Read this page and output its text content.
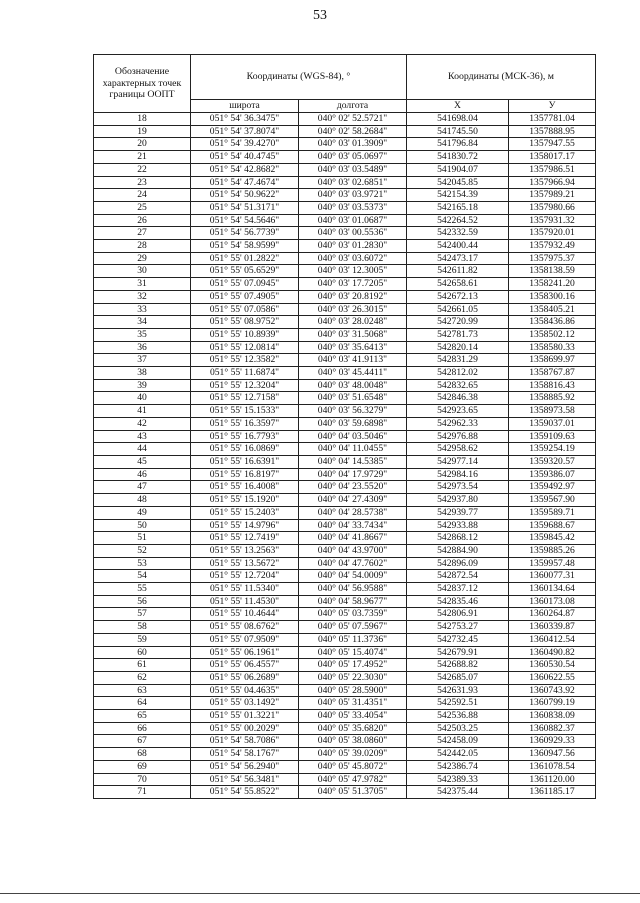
53
Обозначение
характерных точек
границы ООПТ	Координаты (WGS-84), °		Координаты (МСК-36), м	
	широта	долгота	X	У
18	051° 54' 36.3475"	040° 02' 52.5721"	541698.04	1357781.04
19	051° 54' 37.8074"	040° 02' 58.2684"	541745.50	1357888.95
20	051° 54' 39.4270"	040° 03' 01.3909"	541796.84	1357947.55
21	051° 54' 40.4745"	040° 03' 05.0697"	541830.72	1358017.17
22	051° 54' 42.8682"	040° 03' 03.5489"	541904.07	1357986.51
23	051° 54' 47.4674"	040° 03' 02.6851"	542045.85	1357966.94
24	051° 54' 50.9622"	040° 03' 03.9721"	542154.39	1357989.21
25	051° 54' 51.3171"	040° 03' 03.5373"	542165.18	1357980.66
26	051° 54' 54.5646"	040° 03' 01.0687"	542264.52	1357931.32
27	051° 54' 56.7739"	040° 03' 00.5536"	542332.59	1357920.01
28	051° 54' 58.9599"	040° 03' 01.2830"	542400.44	1357932.49
29	051° 55' 01.2822"	040° 03' 03.6072"	542473.17	1357975.37
30	051° 55' 05.6529"	040° 03' 12.3005"	542611.82	1358138.59
31	051° 55' 07.0945"	040° 03' 17.7205"	542658.61	1358241.20
32	051° 55' 07.4905"	040° 03' 20.8192"	542672.13	1358300.16
33	051° 55' 07.0586"	040° 03' 26.3015"	542661.05	1358405.21
34	051° 55' 08.9752"	040° 03' 28.0248"	542720.99	1358436.86
35	051° 55' 10.8939"	040° 03' 31.5068"	542781.73	1358502.12
36	051° 55' 12.0814"	040° 03' 35.6413"	542820.14	1358580.33
37	051° 55' 12.3582"	040° 03' 41.9113"	542831.29	1358699.97
38	051° 55' 11.6874"	040° 03' 45.4411"	542812.02	1358767.87
39	051° 55' 12.3204"	040° 03' 48.0048"	542832.65	1358816.43
40	051° 55' 12.7158"	040° 03' 51.6548"	542846.38	1358885.92
41	051° 55' 15.1533"	040° 03' 56.3279"	542923.65	1358973.58
42	051° 55' 16.3597"	040° 03' 59.6898"	542962.33	1359037.01
43	051° 55' 16.7793"	040° 04' 03.5046"	542976.88	1359109.63
44	051° 55' 16.0869"	040° 04' 11.0455"	542958.62	1359254.19
45	051° 55' 16.6391"	040° 04' 14.5385"	542977.14	1359320.57
46	051° 55' 16.8197"	040° 04' 17.9729"	542984.16	1359386.07
47	051° 55' 16.4008"	040° 04' 23.5520"	542973.54	1359492.97
48	051° 55' 15.1920"	040° 04' 27.4309"	542937.80	1359567.90
49	051° 55' 15.2403"	040° 04' 28.5738"	542939.77	1359589.71
50	051° 55' 14.9796"	040° 04' 33.7434"	542933.88	1359688.67
51	051° 55' 12.7419"	040° 04' 41.8667"	542868.12	1359845.42
52	051° 55' 13.2563"	040° 04' 43.9700"	542884.90	1359885.26
53	051° 55' 13.5672"	040° 04' 47.7602"	542896.09	1359957.48
54	051° 55' 12.7204"	040° 04' 54.0009"	542872.54	1360077.31
55	051° 55' 11.5340"	040° 04' 56.9588"	542837.12	1360134.64
56	051° 55' 11.4530"	040° 04' 58.9677"	542835.46	1360173.08
57	051° 55' 10.4644"	040° 05' 03.7359"	542806.91	1360264.87
58	051° 55' 08.6762"	040° 05' 07.5967"	542753.27	1360339.87
59	051° 55' 07.9509"	040° 05' 11.3736"	542732.45	1360412.54
60	051° 55' 06.1961"	040° 05' 15.4074"	542679.91	1360490.82
61	051° 55' 06.4557"	040° 05' 17.4952"	542688.82	1360530.54
62	051° 55' 06.2689"	040° 05' 22.3030"	542685.07	1360622.55
63	051° 55' 04.4635"	040° 05' 28.5900"	542631.93	1360743.92
64	051° 55' 03.1492"	040° 05' 31.4351"	542592.51	1360799.19
65	051° 55' 01.3221"	040° 05' 33.4054"	542536.88	1360838.09
66	051° 55' 00.2029"	040° 05' 35.6820"	542503.25	1360882.37
67	051° 54' 58.7086"	040° 05' 38.0860"	542458.09	1360929.33
68	051° 54' 58.1767"	040° 05' 39.0209"	542442.05	1360947.56
69	051° 54' 56.2940"	040° 05' 45.8072"	542386.74	1361078.54
70	051° 54' 56.3481"	040° 05' 47.9782"	542389.33	1361120.00
71	051° 54' 55.8522"	040° 05' 51.3705"	542375.44	1361185.17
